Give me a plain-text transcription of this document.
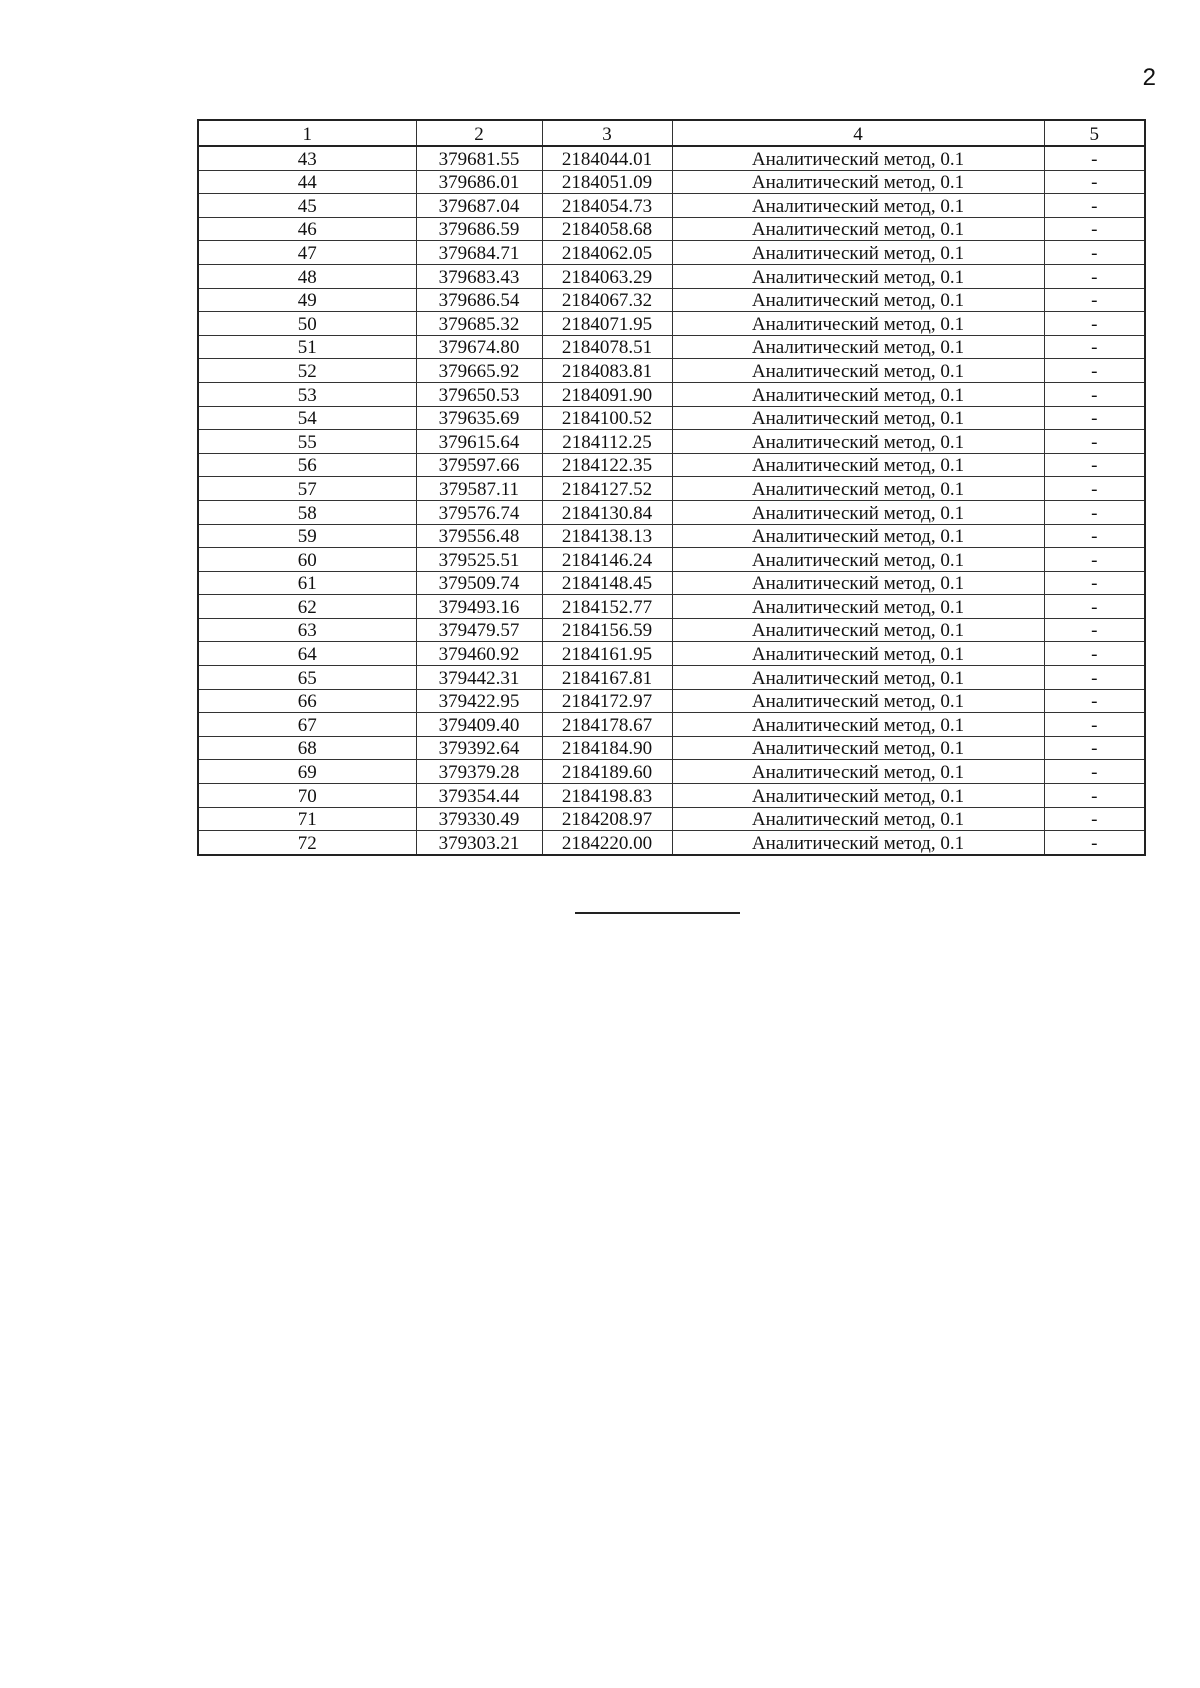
2
1	2	3	4	5
43	379681.55	2184044.01	Аналитический метод, 0.1	-
44	379686.01	2184051.09	Аналитический метод, 0.1	-
45	379687.04	2184054.73	Аналитический метод, 0.1	-
46	379686.59	2184058.68	Аналитический метод, 0.1	-
47	379684.71	2184062.05	Аналитический метод, 0.1	-
48	379683.43	2184063.29	Аналитический метод, 0.1	-
49	379686.54	2184067.32	Аналитический метод, 0.1	-
50	379685.32	2184071.95	Аналитический метод, 0.1	-
51	379674.80	2184078.51	Аналитический метод, 0.1	-
52	379665.92	2184083.81	Аналитический метод, 0.1	-
53	379650.53	2184091.90	Аналитический метод, 0.1	-
54	379635.69	2184100.52	Аналитический метод, 0.1	-
55	379615.64	2184112.25	Аналитический метод, 0.1	-
56	379597.66	2184122.35	Аналитический метод, 0.1	-
57	379587.11	2184127.52	Аналитический метод, 0.1	-
58	379576.74	2184130.84	Аналитический метод, 0.1	-
59	379556.48	2184138.13	Аналитический метод, 0.1	-
60	379525.51	2184146.24	Аналитический метод, 0.1	-
61	379509.74	2184148.45	Аналитический метод, 0.1	-
62	379493.16	2184152.77	Аналитический метод, 0.1	-
63	379479.57	2184156.59	Аналитический метод, 0.1	-
64	379460.92	2184161.95	Аналитический метод, 0.1	-
65	379442.31	2184167.81	Аналитический метод, 0.1	-
66	379422.95	2184172.97	Аналитический метод, 0.1	-
67	379409.40	2184178.67	Аналитический метод, 0.1	-
68	379392.64	2184184.90	Аналитический метод, 0.1	-
69	379379.28	2184189.60	Аналитический метод, 0.1	-
70	379354.44	2184198.83	Аналитический метод, 0.1	-
71	379330.49	2184208.97	Аналитический метод, 0.1	-
72	379303.21	2184220.00	Аналитический метод, 0.1	-
